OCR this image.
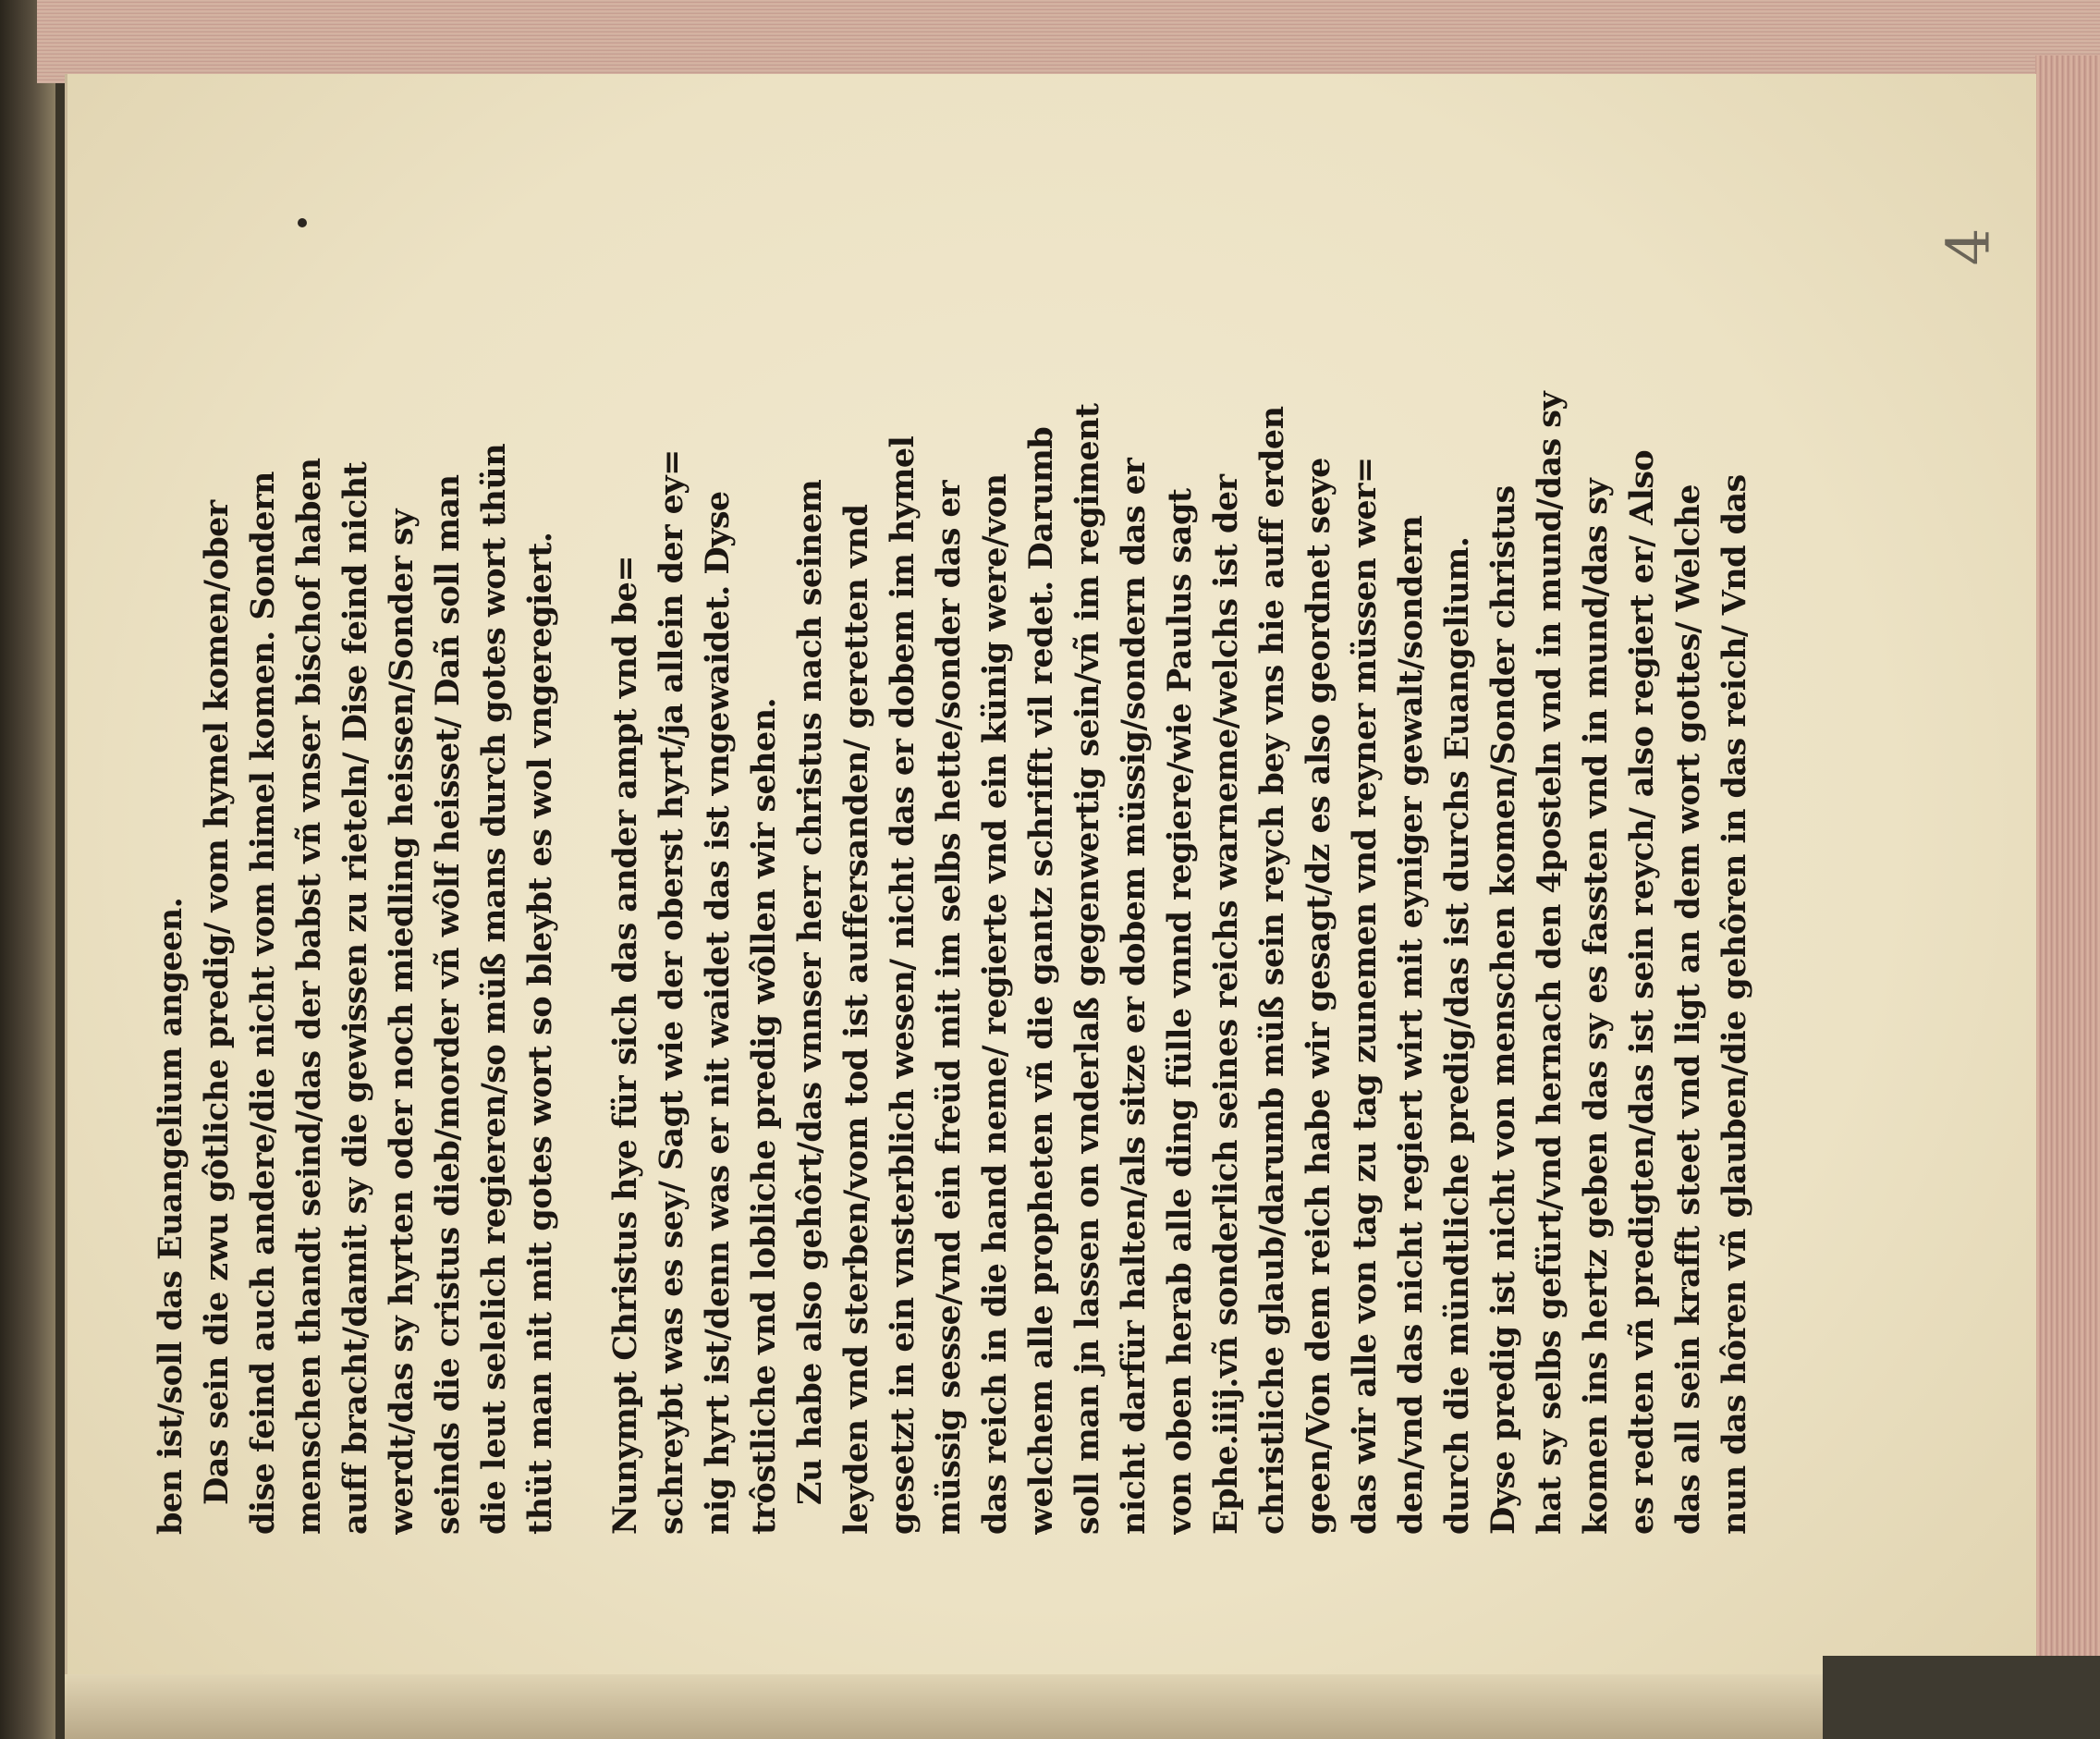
4
ben ist/soll das Euangelium angeen. Das sein die zwu gôtliche predig/ vom hymel komen/ober dise feind auch andere/die nicht vom himel komen. Sondern menschen thandt seind/das der babst vñ vnser bischof haben auff bracht/damit sy die gewissen zu rieteln/ Dise feind nicht werdt/das sy hyrten oder noch miedling heissen/Sonder sy seinds die cristus dieb/morder vñ wôlf heisset/ Dañ soll man die leut selelich regieren/so müß mans durch gotes wort thün thüt man nit mit gotes wort so bleybt es wol vngeregiert. Nunympt Christus hye für sich das ander ampt vnd be= schreybt was es sey/ Sagt wie der oberst hyrt/ja allein der ey= nig hyrt ist/denn was er nit waidet das ist vngewaidet. Dyse trôstliche vnd lobliche predig wôllen wir sehen. Zu habe also gehôrt/das vnnser herr christus nach seinem leyden vnd sterben/vom tod ist auffersanden/ geretten vnd gesetzt in ein vnsterblich wesen/ nicht das er dobem im hymel müssig sesse/vnd ein freüd mit im selbs hette/sonder das er das reich in die hand neme/ regierte vnd ein künig were/von welchem alle propheten vñ die gantz schrifft vil redet. Darumb soll man jn lassen on vnderlaß gegenwertig sein/vñ im regiment nicht darfür halten/als sitze er dobem müssig/sondern das er von oben herab alle ding fülle vnnd regiere/wie Paulus sagt Ephe.iiij.vñ sonderlich seines reichs warneme/welchs ist der christliche glaub/darumb müß sein reych bey vns hie auff erden geen/Von dem reich habe wir gesagt/dz es also geordnet seye das wir alle von tag zu tag zunemen vnd reyner müssen wer= den/vnd das nicht regiert wirt mit eyniger gewalt/sondern durch die mündtliche predig/das ist durchs Euangelium. Dyse predig ist nicht von menschen komen/Sonder christus hat sy selbs gefürt/vnd hernach den 4posteln vnd in mund/das sy komen ins hertz geben das sy es fassten vnd in mund/das sy es redten vñ predigten/das ist sein reych/ also regiert er/ Also das all sein krafft steet vnd ligt an dem wort gottes/ Welche nun das hôren vñ glauben/die gehôren in das reich/ Vnd das
